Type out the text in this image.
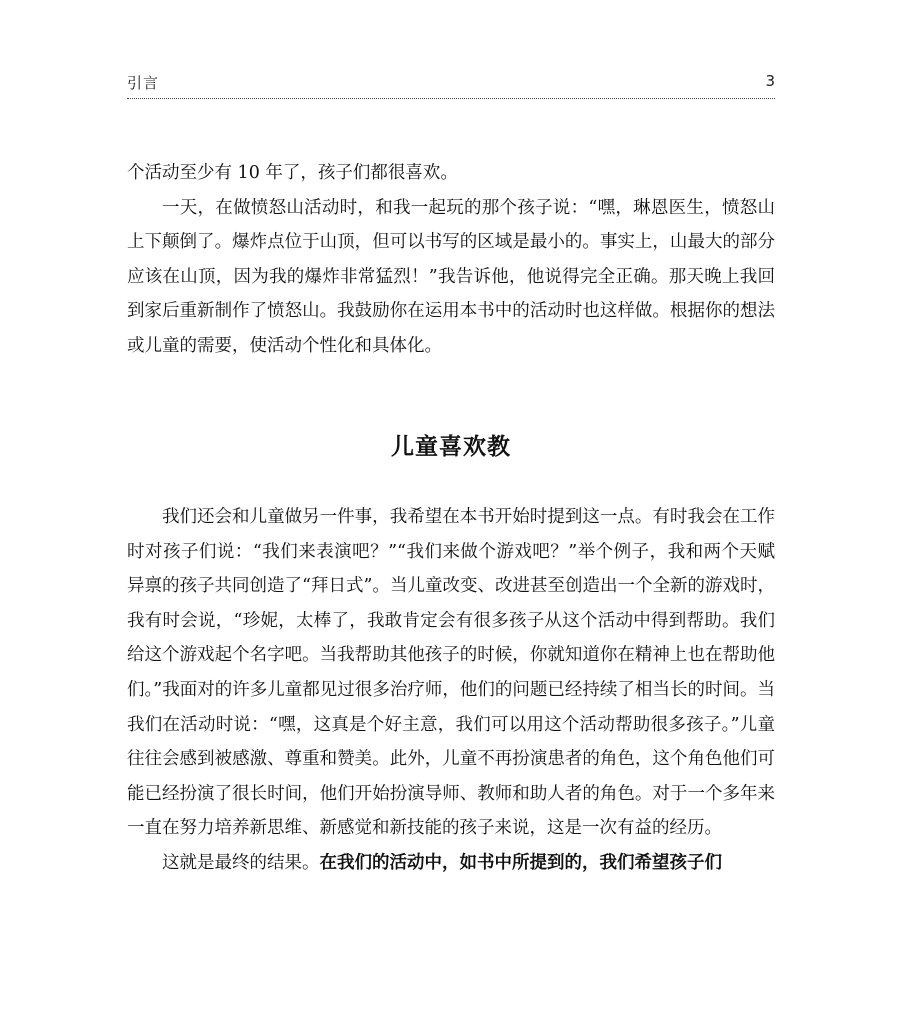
引言	3

个活动至少有 10 年了，孩子们都很喜欢。

一天，在做愤怒山活动时，和我一起玩的那个孩子说：“嘿，琳恩医生，愤怒山上下颠倒了。爆炸点位于山顶，但可以书写的区域是最小的。事实上，山最大的部分应该在山顶，因为我的爆炸非常猛烈！”我告诉他，他说得完全正确。那天晚上我回到家后重新制作了愤怒山。我鼓励你在运用本书中的活动时也这样做。根据你的想法或儿童的需要，使活动个性化和具体化。

儿童喜欢教

我们还会和儿童做另一件事，我希望在本书开始时提到这一点。有时我会在工作时对孩子们说：“我们来表演吧？”“我们来做个游戏吧？”举个例子，我和两个天赋异禀的孩子共同创造了“拜日式”。当儿童改变、改进甚至创造出一个全新的游戏时，我有时会说，“珍妮，太棒了，我敢肯定会有很多孩子从这个活动中得到帮助。我们给这个游戏起个名字吧。当我帮助其他孩子的时候，你就知道你在精神上也在帮助他们。”我面对的许多儿童都见过很多治疗师，他们的问题已经持续了相当长的时间。当我们在活动时说：“嘿，这真是个好主意，我们可以用这个活动帮助很多孩子。”儿童往往会感到被感激、尊重和赞美。此外，儿童不再扮演患者的角色，这个角色他们可能已经扮演了很长时间，他们开始扮演导师、教师和助人者的角色。对于一个多年来一直在努力培养新思维、新感觉和新技能的孩子来说，这是一次有益的经历。

这就是最终的结果。在我们的活动中，如书中所提到的，我们希望孩子们
